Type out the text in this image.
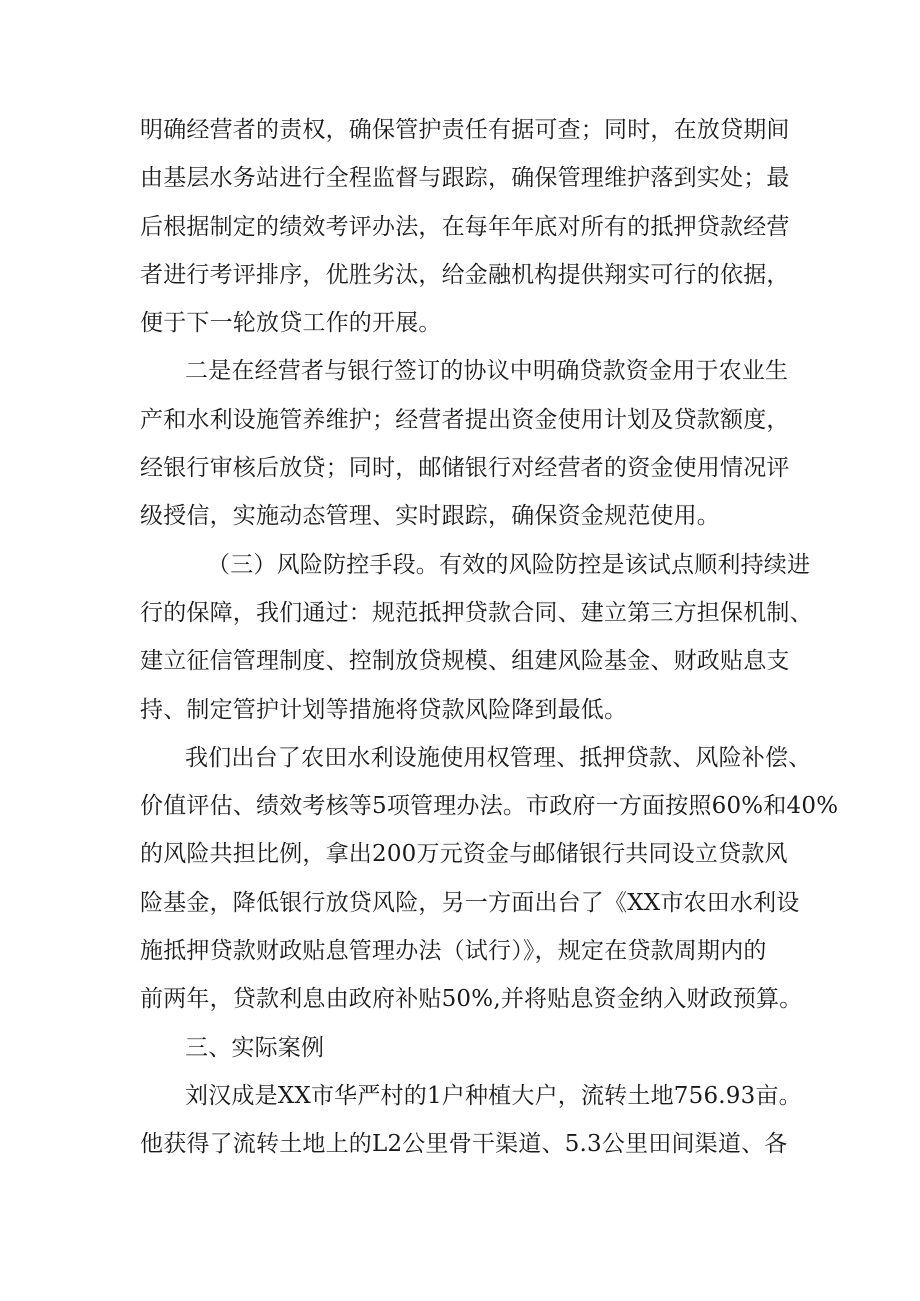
明确经营者的责权，确保管护责任有据可查；同时，在放贷期间
由基层水务站进行全程监督与跟踪，确保管理维护落到实处；最
后根据制定的绩效考评办法，在每年年底对所有的抵押贷款经营
者进行考评排序，优胜劣汰，给金融机构提供翔实可行的依据，
便于下一轮放贷工作的开展。
二是在经营者与银行签订的协议中明确贷款资金用于农业生
产和水利设施管养维护；经营者提出资金使用计划及贷款额度，
经银行审核后放贷；同时，邮储银行对经营者的资金使用情况评
级授信，实施动态管理、实时跟踪，确保资金规范使用。
（三）风险防控手段。有效的风险防控是该试点顺利持续进
行的保障，我们通过：规范抵押贷款合同、建立第三方担保机制、
建立征信管理制度、控制放贷规模、组建风险基金、财政贴息支
持、制定管护计划等措施将贷款风险降到最低。
我们出台了农田水利设施使用权管理、抵押贷款、风险补偿、
价值评估、绩效考核等5项管理办法。市政府一方面按照60%和40%
的风险共担比例，拿出200万元资金与邮储银行共同设立贷款风
险基金，降低银行放贷风险，另一方面出台了《XX市农田水利设
施抵押贷款财政贴息管理办法（试行）》，规定在贷款周期内的
前两年，贷款利息由政府补贴50%,并将贴息资金纳入财政预算。
三、实际案例
刘汉成是XX市华严村的1户种植大户，流转土地756.93亩。
他获得了流转土地上的L2公里骨干渠道、5.3公里田间渠道、各
